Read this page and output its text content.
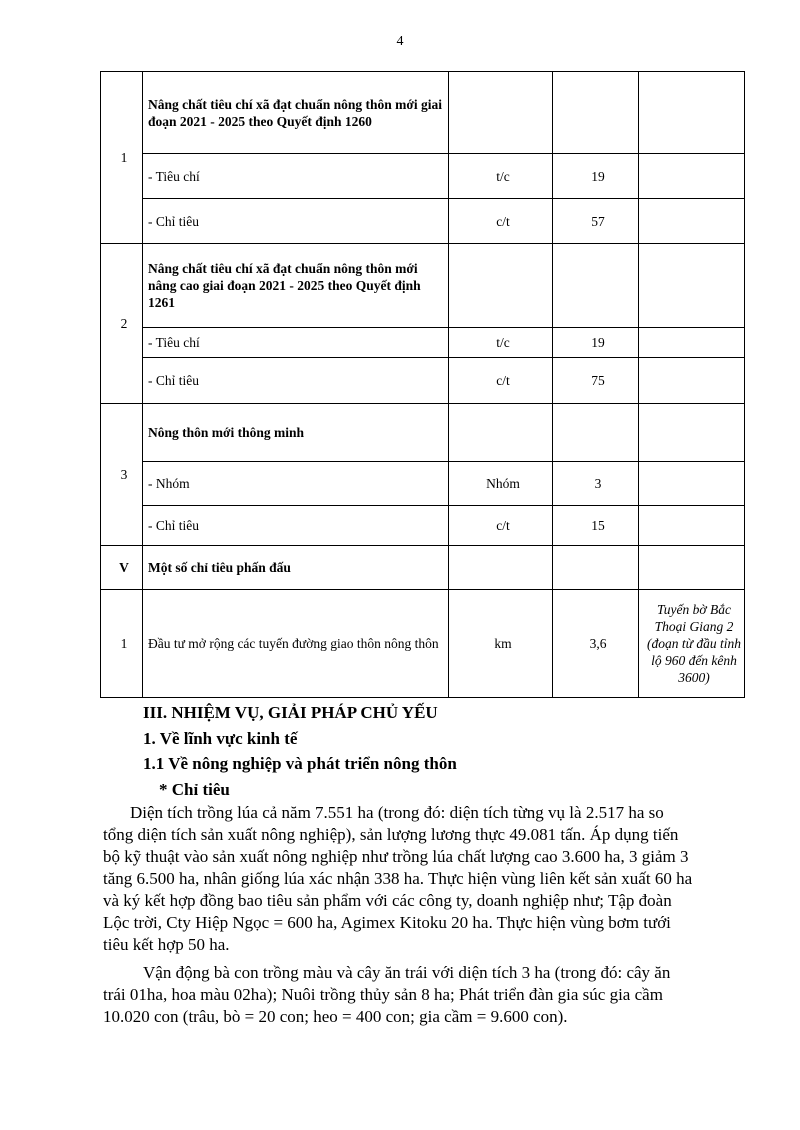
4
1	Nâng chất tiêu chí xã đạt chuẩn nông thôn mới giai đoạn 2021 - 2025 theo Quyết định 1260			
	- Tiêu chí	t/c	19	
	- Chỉ tiêu	c/t	57	
2	Nâng chất tiêu chí xã đạt chuẩn nông thôn mới nâng cao giai đoạn 2021 - 2025 theo Quyết định 1261			
	- Tiêu chí	t/c	19	
	- Chỉ tiêu	c/t	75	
3	Nông thôn mới thông minh			
	- Nhóm	Nhóm	3	
	- Chỉ tiêu	c/t	15	
V	Một số chỉ tiêu phấn đấu			
1	Đầu tư mở rộng các tuyến đường giao thôn nông thôn	km	3,6	Tuyến bờ Bắc Thoại Giang 2 (đoạn từ đầu tỉnh lộ 960 đến kênh 3600)
III. NHIỆM VỤ, GIẢI PHÁP CHỦ YẾU
1. Về lĩnh vực kinh tế
1.1 Về nông nghiệp và phát triển nông thôn
* Chỉ tiêu
Diện tích trồng lúa cả năm 7.551 ha (trong đó: diện tích từng vụ là 2.517 ha so
tổng diện tích sản xuất nông nghiệp), sản lượng lương thực 49.081 tấn. Áp dụng tiến
bộ kỹ thuật vào sản xuất nông nghiệp như trồng lúa chất lượng cao 3.600 ha, 3 giảm 3
tăng 6.500 ha, nhân giống lúa xác nhận 338 ha. Thực hiện vùng liên kết sản xuất 60 ha
và ký kết hợp đồng bao tiêu sản phẩm với các công ty, doanh nghiệp như; Tập đoàn
Lộc trời, Cty Hiệp Ngọc = 600 ha, Agimex Kitoku 20 ha. Thực hiện vùng bơm tưới
tiêu kết hợp 50 ha.
Vận động bà con trồng màu và cây ăn trái với diện tích 3 ha (trong đó: cây ăn
trái 01ha, hoa màu 02ha); Nuôi trồng thủy sản 8 ha; Phát triển đàn gia súc gia cầm
10.020 con (trâu, bò = 20 con; heo = 400 con; gia cầm = 9.600 con).
